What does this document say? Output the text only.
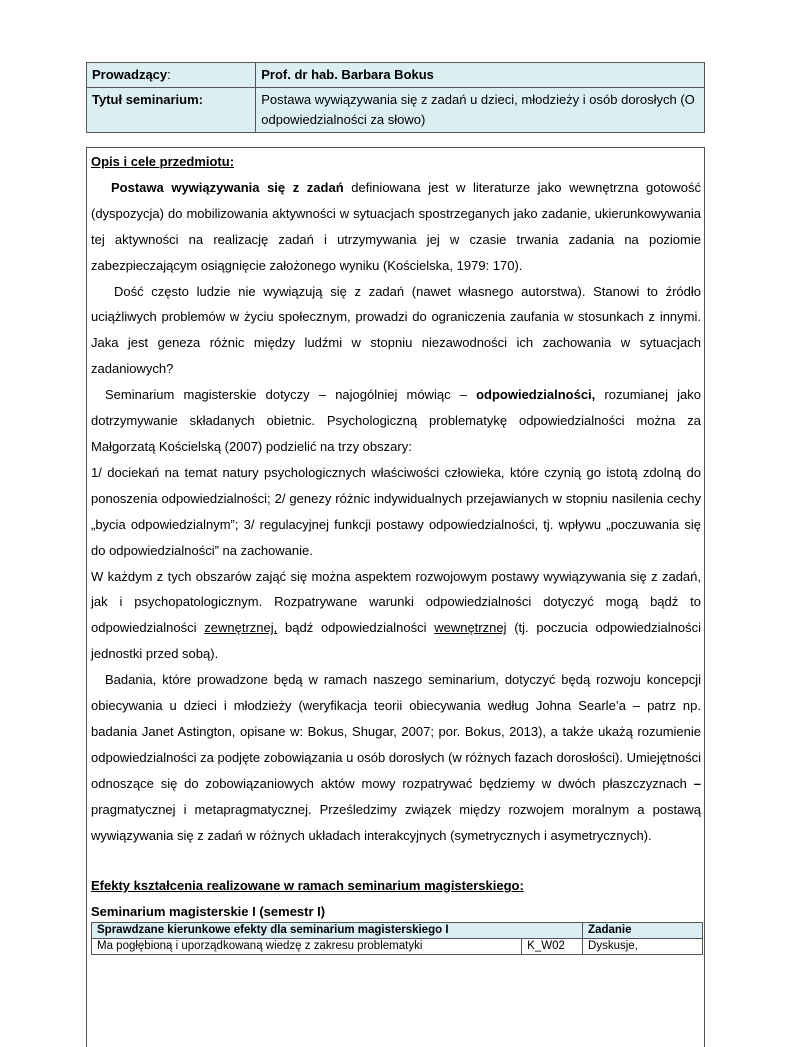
Prowadzący:	Prof. dr hab. Barbara Bokus
Tytuł seminarium:	Postawa wywiązywania się z zadań u dzieci, młodzieży i osób dorosłych (O odpowiedzialności za słowo)

Opis i cele przedmiotu:

Postawa wywiązywania się z zadań definiowana jest w literaturze jako wewnętrzna gotowość (dyspozycja) do mobilizowania aktywności w sytuacjach spostrzeganych jako zadanie, ukierunkowywania tej aktywności na realizację zadań i utrzymywania jej w czasie trwania zadania na poziomie zabezpieczającym osiągnięcie założonego wyniku (Kościelska, 1979: 170).

Dość często ludzie nie wywiązują się z zadań (nawet własnego autorstwa). Stanowi to źródło uciążliwych problemów w życiu społecznym, prowadzi do ograniczenia zaufania w stosunkach z innymi. Jaka jest geneza różnic między ludźmi w stopniu niezawodności ich zachowania w sytuacjach zadaniowych?

Seminarium magisterskie dotyczy – najogólniej mówiąc – odpowiedzialności, rozumianej jako dotrzymywanie składanych obietnic. Psychologiczną problematykę odpowiedzialności można za Małgorzatą Kościelską (2007) podzielić na trzy obszary:

1/ dociekań na temat natury psychologicznych właściwości człowieka, które czynią go istotą zdolną do ponoszenia odpowiedzialności; 2/ genezy różnic indywidualnych przejawianych w stopniu nasilenia cechy „bycia odpowiedzialnym”; 3/ regulacyjnej funkcji postawy odpowiedzialności, tj. wpływu „poczuwania się do odpowiedzialności” na zachowanie.

W każdym z tych obszarów zająć się można aspektem rozwojowym postawy wywiązywania się z zadań, jak i psychopatologicznym. Rozpatrywane warunki odpowiedzialności dotyczyć mogą bądź to odpowiedzialności zewnętrznej, bądź odpowiedzialności wewnętrznej (tj. poczucia odpowiedzialności jednostki przed sobą).

Badania, które prowadzone będą w ramach naszego seminarium, dotyczyć będą rozwoju koncepcji obiecywania u dzieci i młodzieży (weryfikacja teorii obiecywania według Johna Searle’a – patrz np. badania Janet Astington, opisane w: Bokus, Shugar, 2007; por. Bokus, 2013), a także ukażą rozumienie odpowiedzialności za podjęte zobowiązania u osób dorosłych (w różnych fazach dorosłości). Umiejętności odnoszące się do zobowiązaniowych aktów mowy rozpatrywać będziemy w dwóch płaszczyznach – pragmatycznej i metapragmatycznej. Prześledzimy związek między rozwojem moralnym a postawą wywiązywania się z zadań w różnych układach interakcyjnych (symetrycznych i asymetrycznych).

Efekty kształcenia realizowane w ramach seminarium magisterskiego:
Seminarium magisterskie I (semestr I)
Sprawdzane kierunkowe efekty dla seminarium magisterskiego I		Zadanie
Ma pogłębioną i uporządkowaną wiedzę z zakresu problematyki	K_W02	Dyskusje,
